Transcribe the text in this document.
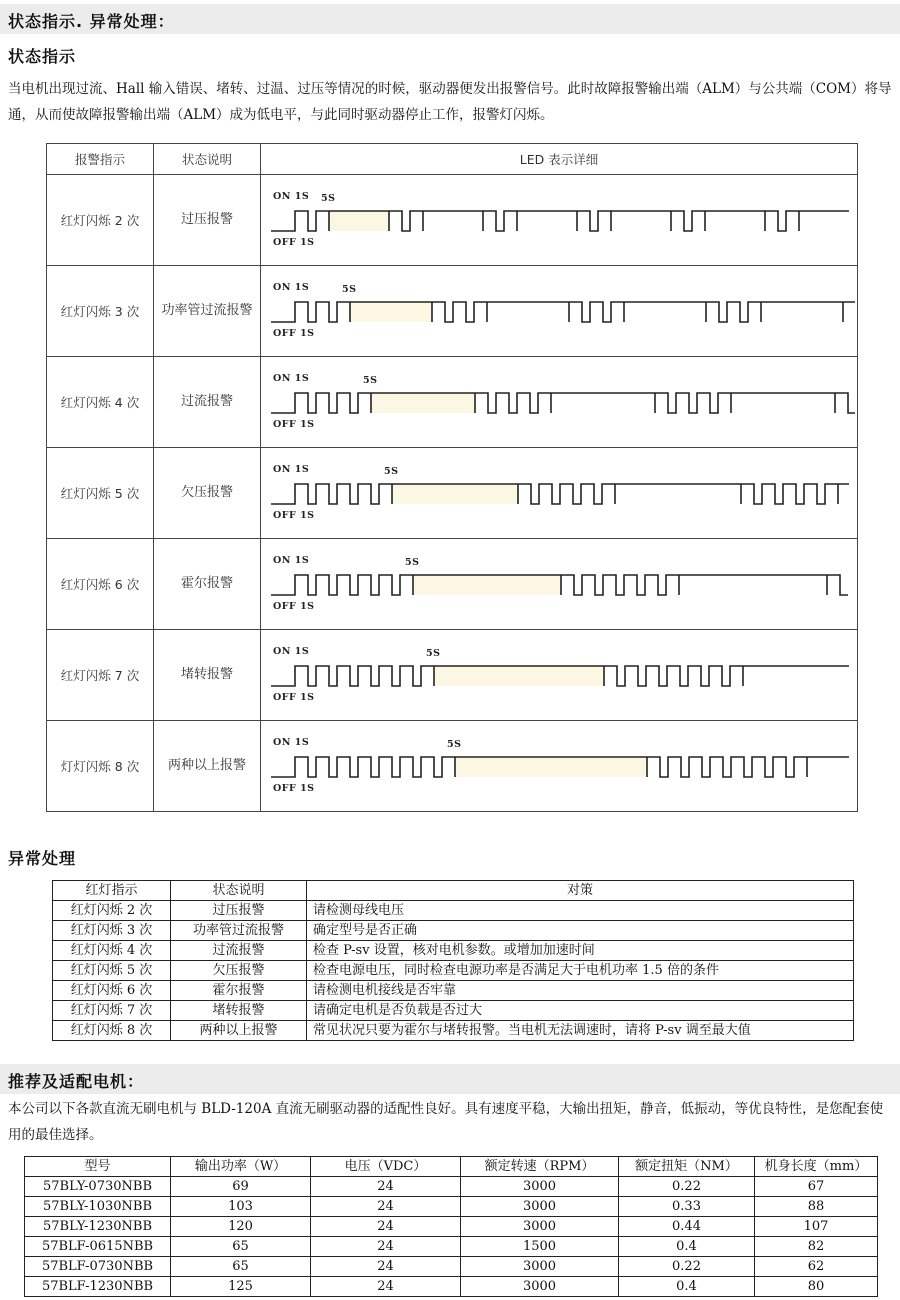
状态指示. 异常处理：
状态指示
当电机出现过流、Hall 输入错误、堵转、过温、过压等情况的时候，驱动器便发出报警信号。此时故障报警输出端（ALM）与公共端（COM）将导通，从而使故障报警输出端（ALM）成为低电平，与此同时驱动器停止工作，报警灯闪烁。
报警指示	状态说明	LED 表示详细
红灯闪烁 2 次	过压报警	ON 1S
OFF 1S
5S

红灯闪烁 3 次	功率管过流报警	ON 1S
OFF 1S
5S

红灯闪烁 4 次	过流报警	ON 1S
OFF 1S
5S

红灯闪烁 5 次	欠压报警	ON 1S
OFF 1S
5S

红灯闪烁 6 次	霍尔报警	ON 1S
OFF 1S
5S

红灯闪烁 7 次	堵转报警	ON 1S
OFF 1S
5S

灯灯闪烁 8 次	两种以上报警	ON 1S
OFF 1S
5S
异常处理
红灯指示	状态说明	对策
红灯闪烁 2 次	过压报警	请检测母线电压
红灯闪烁 3 次	功率管过流报警	确定型号是否正确
红灯闪烁 4 次	过流报警	检查 P-sv 设置，核对电机参数。或增加加速时间
红灯闪烁 5 次	欠压报警	检查电源电压，同时检查电源功率是否满足大于电机功率 1.5 倍的条件
红灯闪烁 6 次	霍尔报警	请检测电机接线是否牢靠
红灯闪烁 7 次	堵转报警	请确定电机是否负载是否过大
红灯闪烁 8 次	两种以上报警	常见状况只要为霍尔与堵转报警。当电机无法调速时，请将 P-sv 调至最大值
推荐及适配电机：
本公司以下各款直流无刷电机与 BLD-120A 直流无刷驱动器的适配性良好。具有速度平稳，大输出扭矩，静音，低振动，等优良特性，是您配套使用的最佳选择。
型号	输出功率（W）	电压（VDC）	额定转速（RPM）	额定扭矩（NM）	机身长度（mm）
57BLY-0730NBB	69	24	3000	0.22	67
57BLY-1030NBB	103	24	3000	0.33	88
57BLY-1230NBB	120	24	3000	0.44	107
57BLF-0615NBB	65	24	1500	0.4	82
57BLF-0730NBB	65	24	3000	0.22	62
57BLF-1230NBB	125	24	3000	0.4	80
